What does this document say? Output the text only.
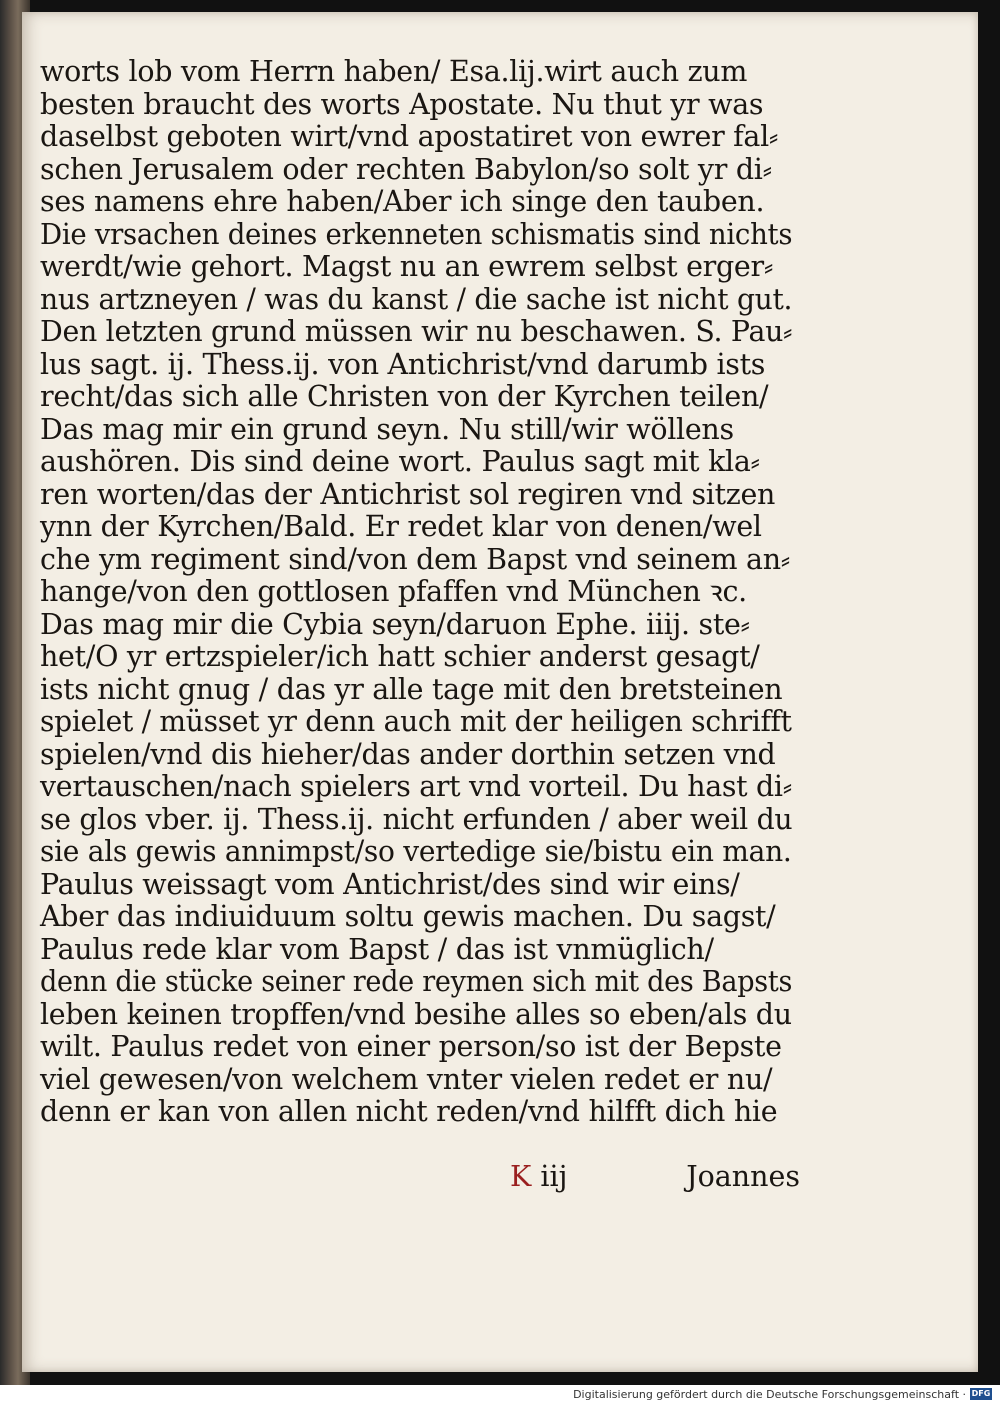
worts lob vom Herrn haben/ Esa.lij.wirt auch zum
besten braucht des worts Apostate. Nu thut yr was
daselbst geboten wirt/vnd apostatiret von ewrer fal⸗
schen Jerusalem oder rechten Babylon/so solt yr di⸗
ses namens ehre haben/Aber ich singe den tauben.
Die vrsachen deines erkenneten schismatis sind nichts
werdt/wie gehort. Magst nu an ewrem selbst erger⸗
nus artzneyen / was du kanst / die sache ist nicht gut.
Den letzten grund müssen wir nu beschawen. S. Pau⸗
lus sagt. ij. Thess.ij. von Antichrist/vnd darumb ists
recht/das sich alle Christen von der Kyrchen teilen/
Das mag mir ein grund seyn. Nu still/wir wöllens
aushören. Dis sind deine wort. Paulus sagt mit kla⸗
ren worten/das der Antichrist sol regiren vnd sitzen
ynn der Kyrchen/Bald. Er redet klar von denen/wel
che ym regiment sind/von dem Bapst vnd seinem an⸗
hange/von den gottlosen pfaffen vnd München ꝛc.
Das mag mir die Cybia seyn/daruon Ephe. iiij. ste⸗
het/O yr ertzspieler/ich hatt schier anderst gesagt/
ists nicht gnug / das yr alle tage mit den bretsteinen
spielet / müsset yr denn auch mit der heiligen schrifft
spielen/vnd dis hieher/das ander dorthin setzen vnd
vertauschen/nach spielers art vnd vorteil. Du hast di⸗
se glos vber. ij. Thess.ij. nicht erfunden / aber weil du
sie als gewis annimpst/so vertedige sie/bistu ein man.
Paulus weissagt vom Antichrist/des sind wir eins/
Aber das indiuiduum soltu gewis machen. Du sagst/
Paulus rede klar vom Bapst / das ist vnmüglich/
denn die stücke seiner rede reymen sich mit des Bapsts
leben keinen tropffen/vnd besihe alles so eben/als du
wilt. Paulus redet von einer person/so ist der Bepste
viel gewesen/von welchem vnter vielen redet er nu/
denn er kan von allen nicht reden/vnd hilfft dich hie
K iij	Joannes
Digitalisierung gefördert durch die Deutsche Forschungsgemeinschaft · DFG
